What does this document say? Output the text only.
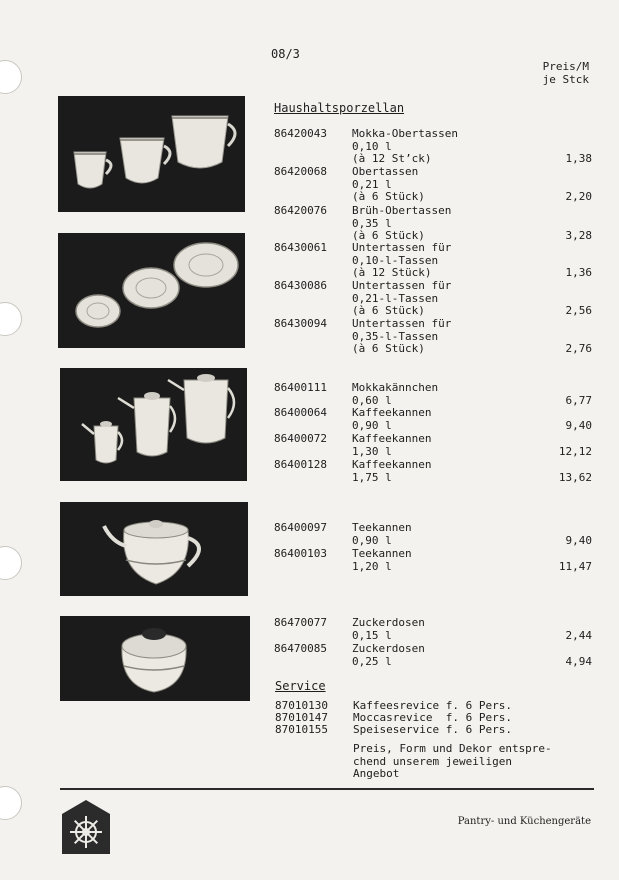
08/3
Preis/M
je Stck
Haushaltsporzellan
86420043	Mokka-Obertassen
0,10 l
(à 12 St’ck)	1,38
86420068	Obertassen
0,21 l
(à 6 Stück)	2,20
86420076	Brüh-Obertassen
0,35 l
(à 6 Stück)	3,28
86430061	Untertassen für
0,10-l-Tassen
(à 12 Stück)	1,36
86430086	Untertassen für
0,21-l-Tassen
(à 6 Stück)	2,56
86430094	Untertassen für
0,35-l-Tassen
(à 6 Stück)	2,76
86400111	Mokkakännchen
0,60 l	6,77
86400064	Kaffeekannen
0,90 l	9,40
86400072	Kaffeekannen
1,30 l	12,12
86400128	Kaffeekannen
1,75 l	13,62
86400097	Teekannen
0,90 l	9,40
86400103	Teekannen
1,20 l	11,47
86470077	Zuckerdosen
0,15 l	2,44
86470085	Zuckerdosen
0,25 l	4,94
Service
87010130 Kaffeesrevice f. 6 Pers.
87010147 Moccasrevice  f. 6 Pers.
87010155 Speiseservice f. 6 Pers.
Preis, Form und Dekor entspre-
chend unserem jeweiligen
Angebot
Pantry- und Küchengeräte
